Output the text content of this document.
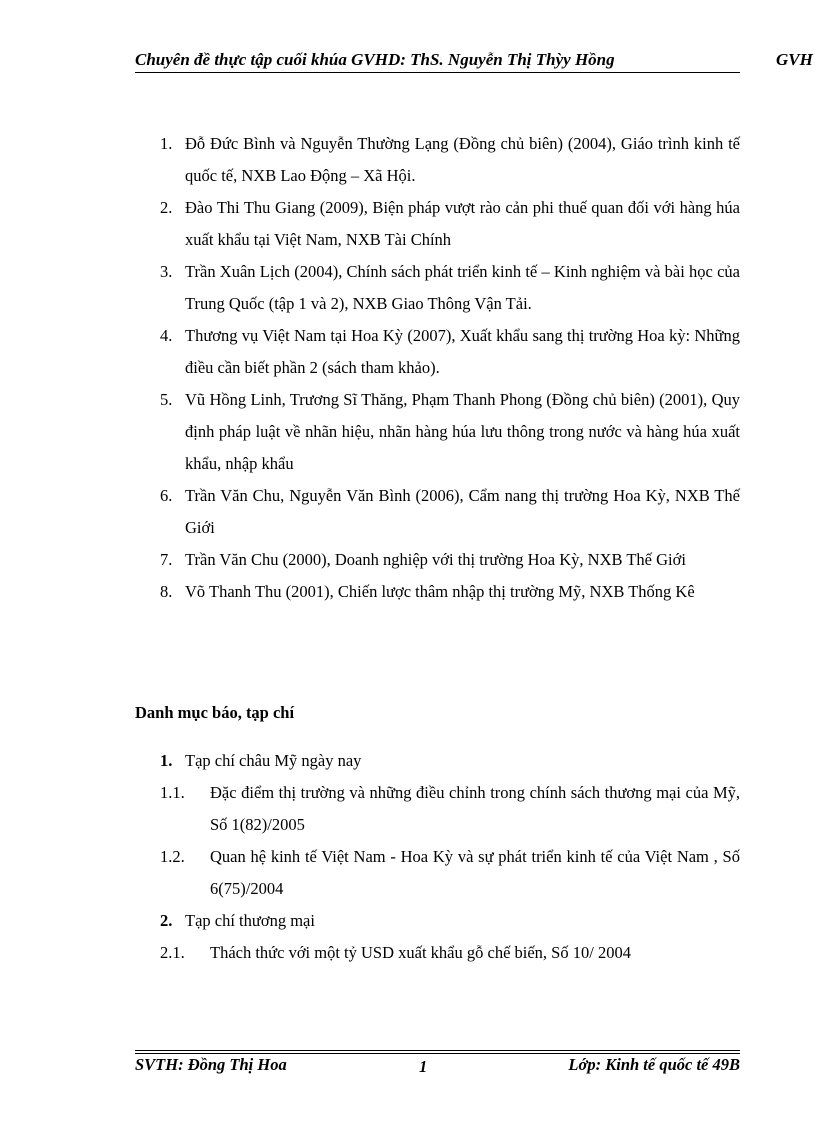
Chuyên đề thực tập cuối khúa GVHD: ThS. Nguyễn Thị Thỳy Hồng	GVH
1. Đỗ Đức Bình và Nguyễn Thường Lạng (Đồng chủ biên) (2004), Giáo trình kinh tế quốc tế, NXB Lao Động – Xã Hội.
2. Đào Thi Thu Giang (2009), Biện pháp vượt rào cản phi thuế quan đối với hàng húa xuất khẩu tại Việt Nam, NXB Tài Chính
3. Trần Xuân Lịch (2004), Chính sách phát triển kinh tế – Kinh nghiệm và bài học của Trung Quốc (tập 1 và 2), NXB Giao Thông Vận Tải.
4. Thương vụ Việt Nam tại Hoa Kỳ (2007), Xuất khẩu sang thị trường Hoa kỳ: Những điều cần biết phần 2 (sách tham khảo).
5. Vũ Hồng Linh, Trương Sĩ Thăng, Phạm Thanh Phong (Đồng chủ biên) (2001), Quy định pháp luật về nhãn hiệu, nhãn hàng húa lưu thông trong nước và hàng húa xuất khẩu, nhập khẩu
6. Trần Văn Chu, Nguyễn Văn Bình (2006), Cẩm nang thị trường Hoa Kỳ, NXB Thế Giới
7. Trần Văn Chu (2000), Doanh nghiệp với thị trường Hoa Kỳ, NXB Thế Giới
8. Võ Thanh Thu (2001), Chiến lược thâm nhập thị trường Mỹ, NXB Thống Kê
Danh mục báo, tạp chí
1. Tạp chí châu Mỹ ngày nay
1.1.	Đặc điểm thị trường và những điều chỉnh trong chính sách thương mại của Mỹ, Số 1(82)/2005
1.2.	Quan hệ kinh tế Việt Nam - Hoa Kỳ và sự phát triển kinh tế của Việt Nam , Số 6(75)/2004
2. Tạp chí thương mại
2.1.	Thách thức với một tỷ USD xuất khẩu gỗ chế biến, Số 10/ 2004
SVTH: Đồng Thị Hoa	1	Lớp: Kinh tế quốc tế 49B
